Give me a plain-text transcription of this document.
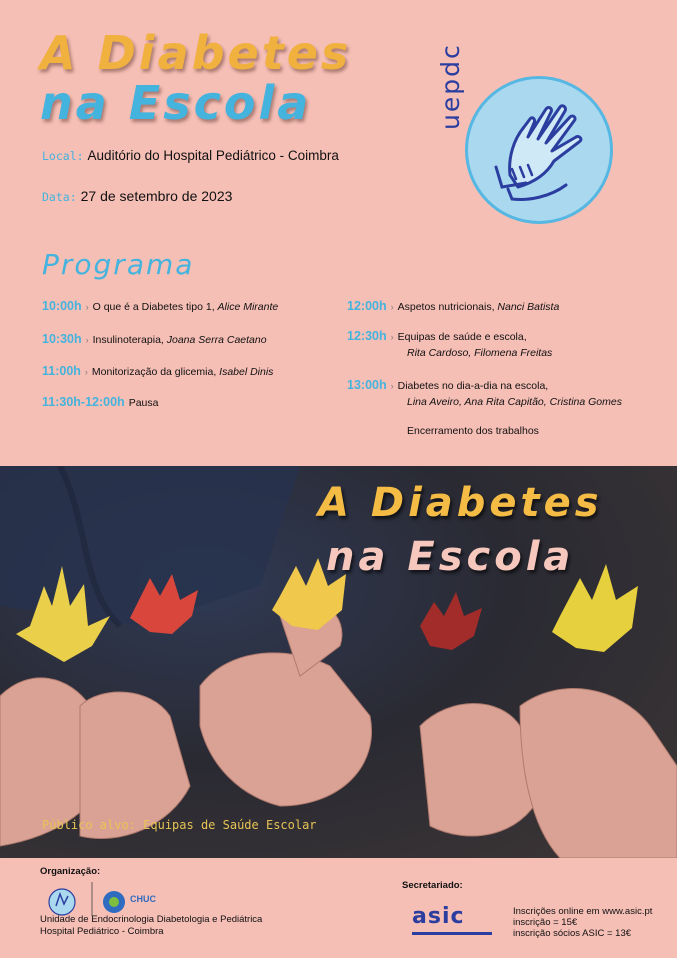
A Diabetes
na Escola
Local: Auditório do Hospital Pediátrico - Coimbra
Data: 27 de setembro de 2023
uepdc
Programa
10:00h › O que é a Diabetes tipo 1, Alice Mirante
10:30h › Insulinoterapia, Joana Serra Caetano
11:00h › Monitorização da glicemia, Isabel Dinis
11:30h-12:00h Pausa
12:00h › Aspetos nutricionais, Nanci Batista
12:30h › Equipas de saúde e escola,
Rita Cardoso, Filomena Freitas
13:00h › Diabetes no dia-a-dia na escola,
Lina Aveiro, Ana Rita Capitão, Cristina Gomes
Encerramento dos trabalhos
A Diabetes
na Escola
Público alvo: Equipas de Saúde Escolar
Organização:
CHUC
Unidade de Endocrinologia Diabetologia e Pediátrica
Hospital Pediátrico - Coimbra
Secretariado:
asic	Inscrições online em www.asic.pt
inscrição = 15€
inscrição sócios ASIC = 13€
